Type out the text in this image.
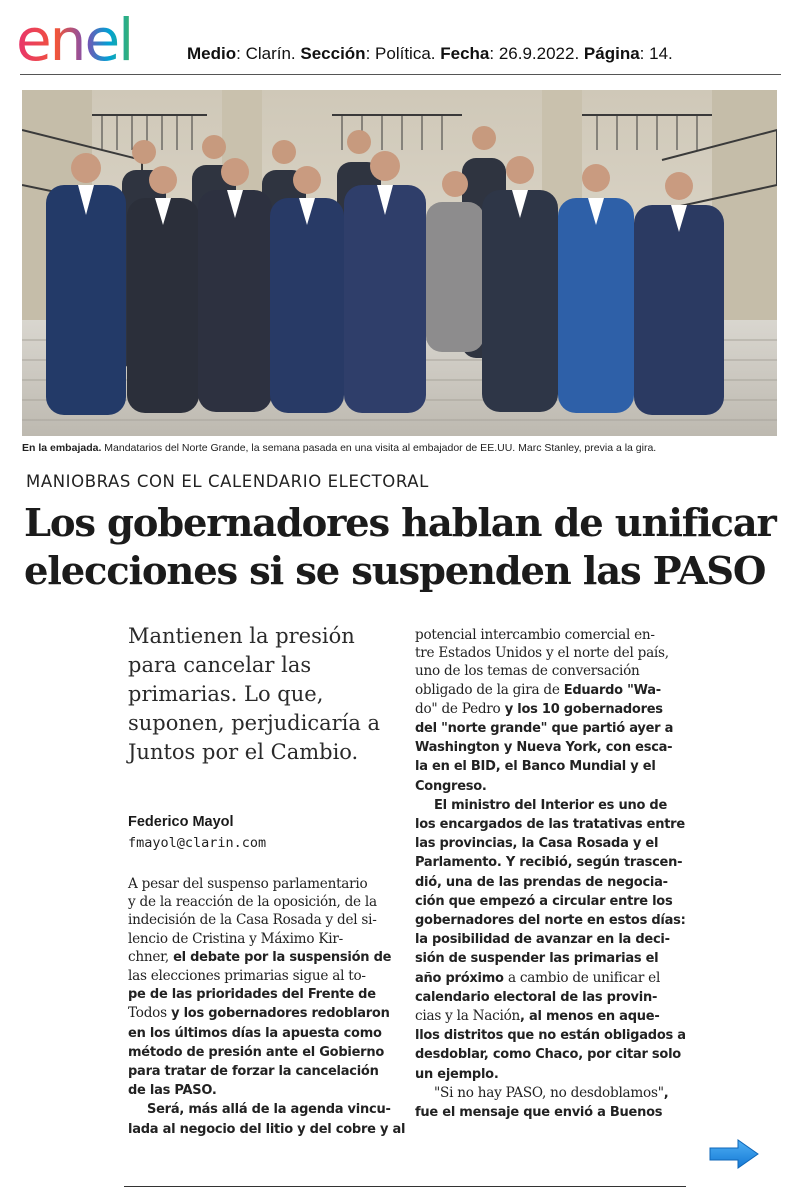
enel	Medio: Clarín. Sección: Política. Fecha: 26.9.2022. Página: 14.
En la embajada. Mandatarios del Norte Grande, la semana pasada en una visita al embajador de EE.UU. Marc Stanley, previa a la gira.
MANIOBRAS CON EL CALENDARIO ELECTORAL
Los gobernadores hablan de unificar
elecciones si se suspenden las PASO
Mantienen la presión
para cancelar las
primarias. Lo que,
suponen, perjudicaría a
Juntos por el Cambio.
Federico Mayol
fmayol@clarin.com
A pesar del suspenso parlamentario
y de la reacción de la oposición, de la
indecisión de la Casa Rosada y del si-
lencio de Cristina y Máximo Kir-
chner, el debate por la suspensión de
las elecciones primarias sigue al to-
pe de las prioridades del Frente de
Todos y los gobernadores redoblaron
en los últimos días la apuesta como
método de presión ante el Gobierno
para tratar de forzar la cancelación
de las PASO.
  Será, más allá de la agenda vincu-
lada al negocio del litio y del cobre y al
potencial intercambio comercial en-
tre Estados Unidos y el norte del país,
uno de los temas de conversación
obligado de la gira de Eduardo "Wa-
do" de Pedro y los 10 gobernadores
del "norte grande" que partió ayer a
Washington y Nueva York, con esca-
la en el BID, el Banco Mundial y el
Congreso.
  El ministro del Interior es uno de
los encargados de las tratativas entre
las provincias, la Casa Rosada y el
Parlamento. Y recibió, según trascen-
dió, una de las prendas de negocia-
ción que empezó a circular entre los
gobernadores del norte en estos días:
la posibilidad de avanzar en la deci-
sión de suspender las primarias el
año próximo a cambio de unificar el
calendario electoral de las provin-
cias y la Nación, al menos en aque-
llos distritos que no están obligados a
desdoblar, como Chaco, por citar solo
un ejemplo.
  "Si no hay PASO, no desdoblamos",
fue el mensaje que envió a Buenos
